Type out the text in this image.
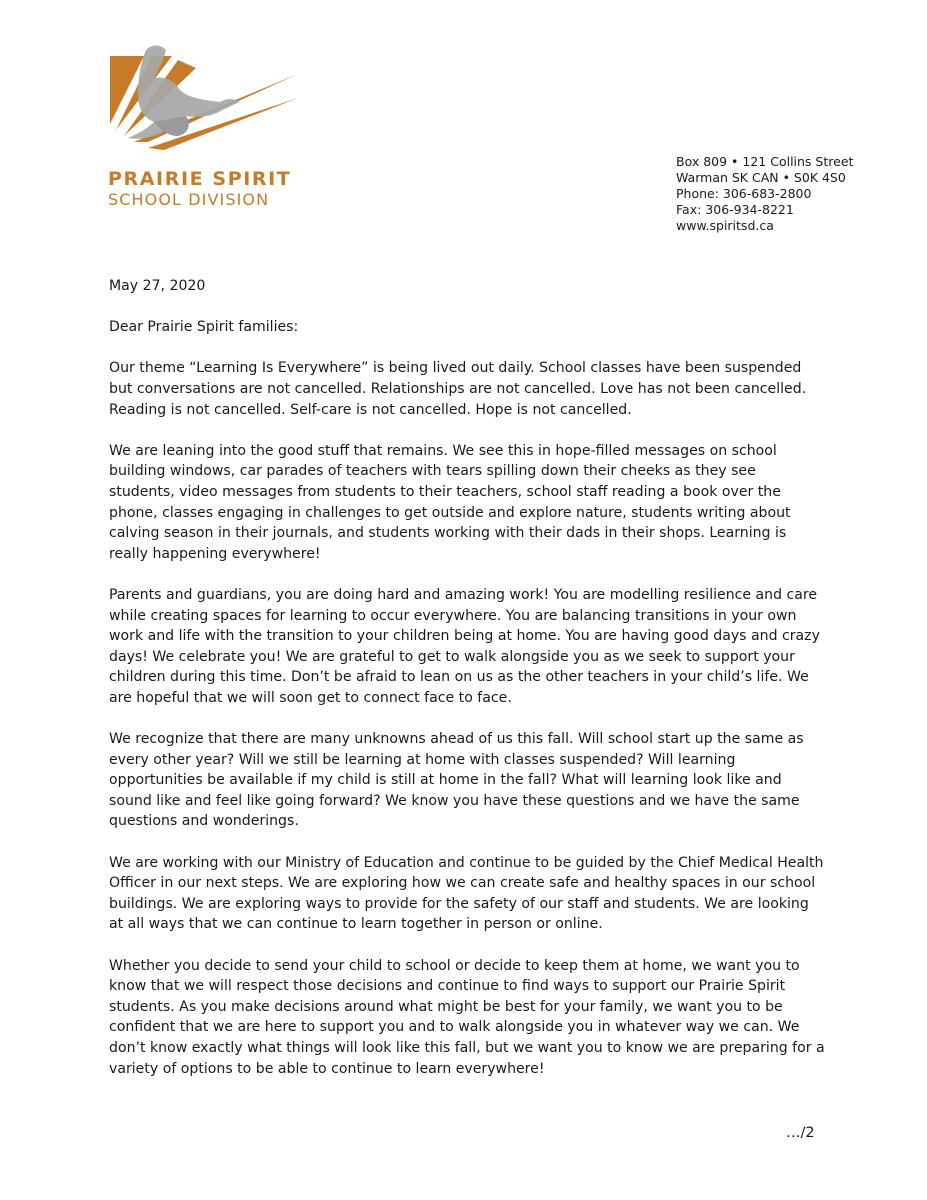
PRAIRIE SPIRIT
SCHOOL DIVISION
Box 809 • 121 Collins Street
Warman SK CAN • S0K 4S0
Phone: 306-683-2800
Fax: 306-934-8221
www.spiritsd.ca
May 27, 2020

Dear Prairie Spirit families:

Our theme “Learning Is Everywhere” is being lived out daily. School classes have been suspended but conversations are not cancelled. Relationships are not cancelled. Love has not been cancelled. Reading is not cancelled. Self-care is not cancelled. Hope is not cancelled.

We are leaning into the good stuff that remains. We see this in hope-filled messages on school building windows, car parades of teachers with tears spilling down their cheeks as they see students, video messages from students to their teachers, school staff reading a book over the phone, classes engaging in challenges to get outside and explore nature, students writing about calving season in their journals, and students working with their dads in their shops. Learning is really happening everywhere!

Parents and guardians, you are doing hard and amazing work! You are modelling resilience and care while creating spaces for learning to occur everywhere. You are balancing transitions in your own work and life with the transition to your children being at home. You are having good days and crazy days! We celebrate you! We are grateful to get to walk alongside you as we seek to support your children during this time. Don’t be afraid to lean on us as the other teachers in your child’s life. We are hopeful that we will soon get to connect face to face.

We recognize that there are many unknowns ahead of us this fall. Will school start up the same as every other year? Will we still be learning at home with classes suspended? Will learning opportunities be available if my child is still at home in the fall? What will learning look like and sound like and feel like going forward? We know you have these questions and we have the same questions and wonderings.

We are working with our Ministry of Education and continue to be guided by the Chief Medical Health Officer in our next steps. We are exploring how we can create safe and healthy spaces in our school buildings. We are exploring ways to provide for the safety of our staff and students. We are looking at all ways that we can continue to learn together in person or online.

Whether you decide to send your child to school or decide to keep them at home, we want you to know that we will respect those decisions and continue to find ways to support our Prairie Spirit students. As you make decisions around what might be best for your family, we want you to be confident that we are here to support you and to walk alongside you in whatever way we can. We don’t know exactly what things will look like this fall, but we want you to know we are preparing for a variety of options to be able to continue to learn everywhere!

…/2
